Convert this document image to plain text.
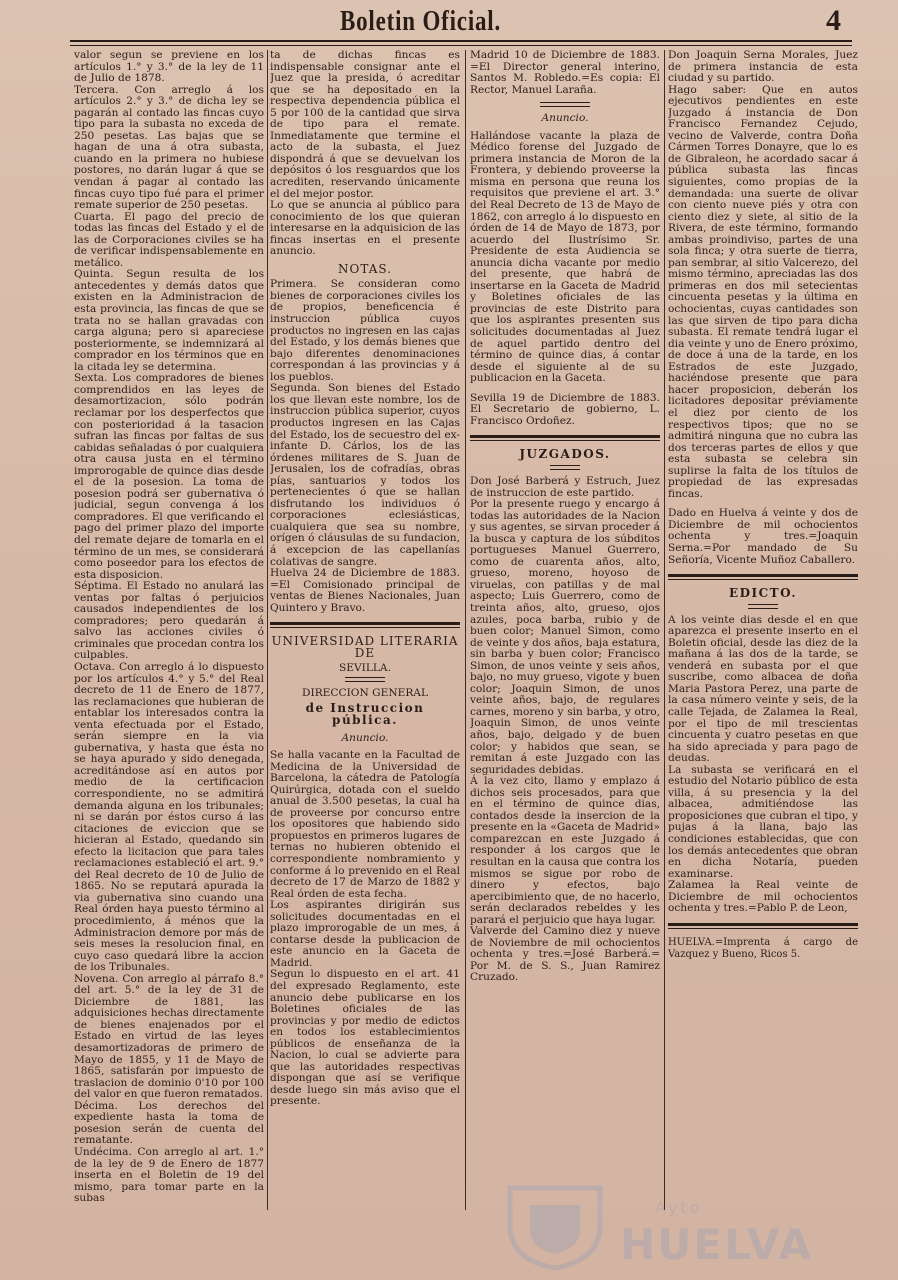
Boletin Oficial.	4

valor segun se previene en los artículos 1.° y 3.° de la ley de 11 de Julio de 1878.

Tercera. Con arreglo á los artículos 2.° y 3.° de dicha ley se pagarán al contado las fincas cuyo tipo para la subasta no exceda de 250 pesetas. Las bajas que se hagan de una á otra subasta, cuando en la primera no hubiese postores, no darán lugar á que se vendan á pagar al contado las fincas cuyo tipo fué para el primer remate superior de 250 pesetas.

Cuarta. El pago del precio de todas las fincas del Estado y el de las de Corporaciones civiles se ha de verificar indispensablemente en metálico.

Quinta. Segun resulta de los antecedentes y demás datos que existen en la Administracion de esta provincia, las fincas de que se trata no se hallan gravadas con carga alguna; pero si apareciese posteriormente, se indemnizará al comprador en los términos que en la citada ley se determina.

Sexta. Los compradores de bienes comprendidos en las leyes de desamortizacion, sólo podrán reclamar por los desperfectos que con posterioridad á la tasacion sufran las fincas por faltas de sus cabidas señaladas ó por cualquiera otra causa justa en el término improrogable de quince dias desde el de la posesion. La toma de posesion podrá ser gubernativa ó judicial, segun convenga á los compradores. El que verificando el pago del primer plazo del importe del remate dejare de tomarla en el término de un mes, se considerará como poseedor para los efectos de esta disposicion.

Séptima. El Estado no anulará las ventas por faltas ó perjuicios causados independientes de los compradores; pero quedarán á salvo las acciones civiles ó criminales que procedan contra los culpables.

Octava. Con arreglo á lo dispuesto por los artículos 4.° y 5.° del Real decreto de 11 de Enero de 1877, las reclamaciones que hubieran de entablar los interesados contra la venta efectuada por el Estado, serán siempre en la via gubernativa, y hasta que ésta no se haya apurado y sido denegada, acreditándose así en autos por medio de la certificacion correspondiente, no se admitirá demanda alguna en los tribunales; ni se darán por éstos curso á las citaciones de eviccion que se hicieran al Estado, quedando sin efecto la licitacion que para tales reclamaciones estableció el art. 9.° del Real decreto de 10 de Julio de 1865. No se reputará apurada la via gubernativa sino cuando una Real órden haya puesto término al procedimiento, á ménos que la Administracion demore por más de seis meses la resolucion final, en cuyo caso quedará libre la accion de los Tribunales.

Novena. Con arreglo al párrafo 8.° del art. 5.° de la ley de 31 de Diciembre de 1881, las adquisiciones hechas directamente de bienes enajenados por el Estado en virtud de las leyes desamortizadoras de primero de Mayo de 1855, y 11 de Mayo de 1865, satisfarán por impuesto de traslacion de dominio 0'10 por 100 del valor en que fueron rematados.

Décima. Los derechos del expediente hasta la toma de posesion serán de cuenta del rematante.

Undécima. Con arreglo al art. 1.° de la ley de 9 de Enero de 1877 inserta en el Boletin de 19 del mismo, para tomar parte en la subas

ta de dichas fincas es indispensable consignar ante el Juez que la presida, ó acreditar que se ha depositado en la respectiva dependencia pública el 5 por 100 de la cantidad que sirva de tipo para el remate. Inmediatamente que termine el acto de la subasta, el Juez dispondrá á que se devuelvan los depósitos ó los resguardos que los acrediten, reservando únicamente el del mejor postor.

Lo que se anuncia al público para conocimiento de los que quieran interesarse en la adquisicion de las fincas insertas en el presente anuncio.

NOTAS.

Primera. Se consideran como bienes de corporaciones civiles los de propios, beneficencia é instruccion pública cuyos productos no ingresen en las cajas del Estado, y los demás bienes que bajo diferentes denominaciones correspondan á las provincias y á los pueblos.

Segunda. Son bienes del Estado los que llevan este nombre, los de instruccion pública superior, cuyos productos ingresen en las Cajas del Estado, los de secuestro del ex-infante D. Cárlos, los de las órdenes militares de S. Juan de Jerusalen, los de cofradías, obras pías, santuarios y todos los pertenecientes ó que se hallan disfrutando los individuos ó corporaciones eclesiásticas, cualquiera que sea su nombre, orígen ó cláusulas de su fundacion, á excepcion de las capellanías colativas de sangre.

Huelva 24 de Diciembre de 1883. =El Comisionado principal de ventas de Bienes Nacionales, Juan Quintero y Bravo.

UNIVERSIDAD LITERARIA DE

SEVILLA.

DIRECCION GENERAL

de Instruccion pública.

Anuncio.

Se halla vacante en la Facultad de Medicina de la Universidad de Barcelona, la cátedra de Patología Quirúrgica, dotada con el sueldo anual de 3.500 pesetas, la cual ha de proveerse por concurso entre los opositores que habiendo sido propuestos en primeros lugares de ternas no hubieren obtenido el correspondiente nombramiento y conforme á lo prevenido en el Real decreto de 17 de Marzo de 1882 y Real órden de esta fecha.

Los aspirantes dirigirán sus solicitudes documentadas en el plazo improrogable de un mes, á contarse desde la publicacion de este anuncio en la Gaceta de Madrid.

Segun lo dispuesto en el art. 41 del expresado Reglamento, este anuncio debe publicarse en los Boletines oficiales de las provincias y por medio de edictos en todos los establecimientos públicos de enseñanza de la Nacion, lo cual se advierte para que las autoridades respectivas dispongan que así se verifique desde luego sin más aviso que el presente.

Madrid 10 de Diciembre de 1883. =El Director general interino, Santos M. Robledo.=Es copia: El Rector, Manuel Laraña.

Anuncio.

Hallándose vacante la plaza de Médico forense del Juzgado de primera instancia de Moron de la Frontera, y debiendo proveerse la misma en persona que reuna los requisitos que previene el art. 3.° del Real Decreto de 13 de Mayo de 1862, con arreglo á lo dispuesto en órden de 14 de Mayo de 1873, por acuerdo del Ilustrísimo Sr. Presidente de esta Audiencia se anuncia dicha vacante por medio del presente, que habrá de insertarse en la Gaceta de Madrid y Boletines oficiales de las provincias de este Distrito para que los aspirantes presenten sus solicitudes documentadas al Juez de aquel partido dentro del término de quince dias, á contar desde el siguiente al de su publicacion en la Gaceta.

Sevilla 19 de Diciembre de 1883. El Secretario de gobierno, L. Francisco Ordoñez.

JUZGADOS.

Don José Barberá y Estruch, Juez de instruccion de este partido.

Por la presente ruego y encargo á todas las autoridades de la Nacion y sus agentes, se sirvan proceder á la busca y captura de los súbditos portugueses Manuel Guerrero, como de cuarenta años, alto, grueso, moreno, hoyoso de viruelas, con patillas y de mal aspecto; Luis Guerrero, como de treinta años, alto, grueso, ojos azules, poca barba, rubio y de buen color; Manuel Simon, como de veinte y dos años, baja estatura, sin barba y buen color; Francisco Simon, de unos veinte y seis años, bajo, no muy grueso, vigote y buen color; Joaquin Simon, de unos veinte años, bajo, de regulares carnes, moreno y sin barba, y otro, Joaquin Simon, de unos veinte años, bajo, delgado y de buen color; y habidos que sean, se remitan á este Juzgado con las seguridades debidas.

Á la vez cito, llamo y emplazo á dichos seis procesados, para que en el término de quince dias, contados desde la insercion de la presente en la «Gaceta de Madrid» comparezcan en este Juzgado á responder á los cargos que le resultan en la causa que contra los mismos se sigue por robo de dinero y efectos, bajo apercibimiento que, de no hacerlo, serán declarados rebeldes y les parará el perjuicio que haya lugar.

Valverde del Camino diez y nueve de Noviembre de mil ochocientos ochenta y tres.=José Barberá.= Por M. de S. S., Juan Ramirez Cruzado.

Don Joaquin Serna Morales, Juez de primera instancia de esta ciudad y su partido.

Hago saber: Que en autos ejecutivos pendientes en este Juzgado á instancia de Don Francisco Fernandez Cejudo, vecino de Valverde, contra Doña Cármen Torres Donayre, que lo es de Gibraleon, he acordado sacar á pública subasta las fincas siguientes, como propias de la demandada: una suerte de olivar con ciento nueve piés y otra con ciento diez y siete, al sitio de la Rivera, de este término, formando ambas proindiviso, partes de una sola finca; y otra suerte de tierra, pan sembrar, al sitio Valcerezo, del mismo término, apreciadas las dos primeras en dos mil setecientas cincuenta pesetas y la última en ochocientas, cuyas cantidades son las que sirven de tipo para dicha subasta. El remate tendrá lugar el dia veinte y uno de Enero próximo, de doce á una de la tarde, en los Estrados de este Juzgado, haciéndose presente que para hacer proposicion, deberán los licitadores depositar préviamente el diez por ciento de los respectivos tipos; que no se admitirá ninguna que no cubra las dos terceras partes de ellos y que esta subasta se celebra sin suplirse la falta de los títulos de propiedad de las expresadas fincas.

Dado en Huelva á veinte y dos de Diciembre de mil ochocientos ochenta y tres.=Joaquin Serna.=Por mandado de Su Señoría, Vicente Muñoz Caballero.

EDICTO.

A los veinte dias desde el en que aparezca el presente inserto en el Boletin oficial, desde las diez de la mañana á las dos de la tarde, se venderá en subasta por el que suscribe, como albacea de doña Maria Pastora Perez, una parte de la casa número veinte y seis, de la calle Tejada, de Zalamea la Real, por el tipo de mil trescientas cincuenta y cuatro pesetas en que ha sido apreciada y para pago de deudas.

La subasta se verificará en el estudio del Notario público de esta villa, á su presencia y la del albacea, admitiéndose las proposiciones que cubran el tipo, y pujas á la llana, bajo las condiciones establecidas, que con los demás antecedentes que obran en dicha Notaría, pueden examinarse.

Zalamea la Real veinte de Diciembre de mil ochocientos ochenta y tres.=Pablo P. de Leon,

HUELVA.=Imprenta á cargo de Vazquez y Bueno, Ricos 5.

Ayto
HUELVA
